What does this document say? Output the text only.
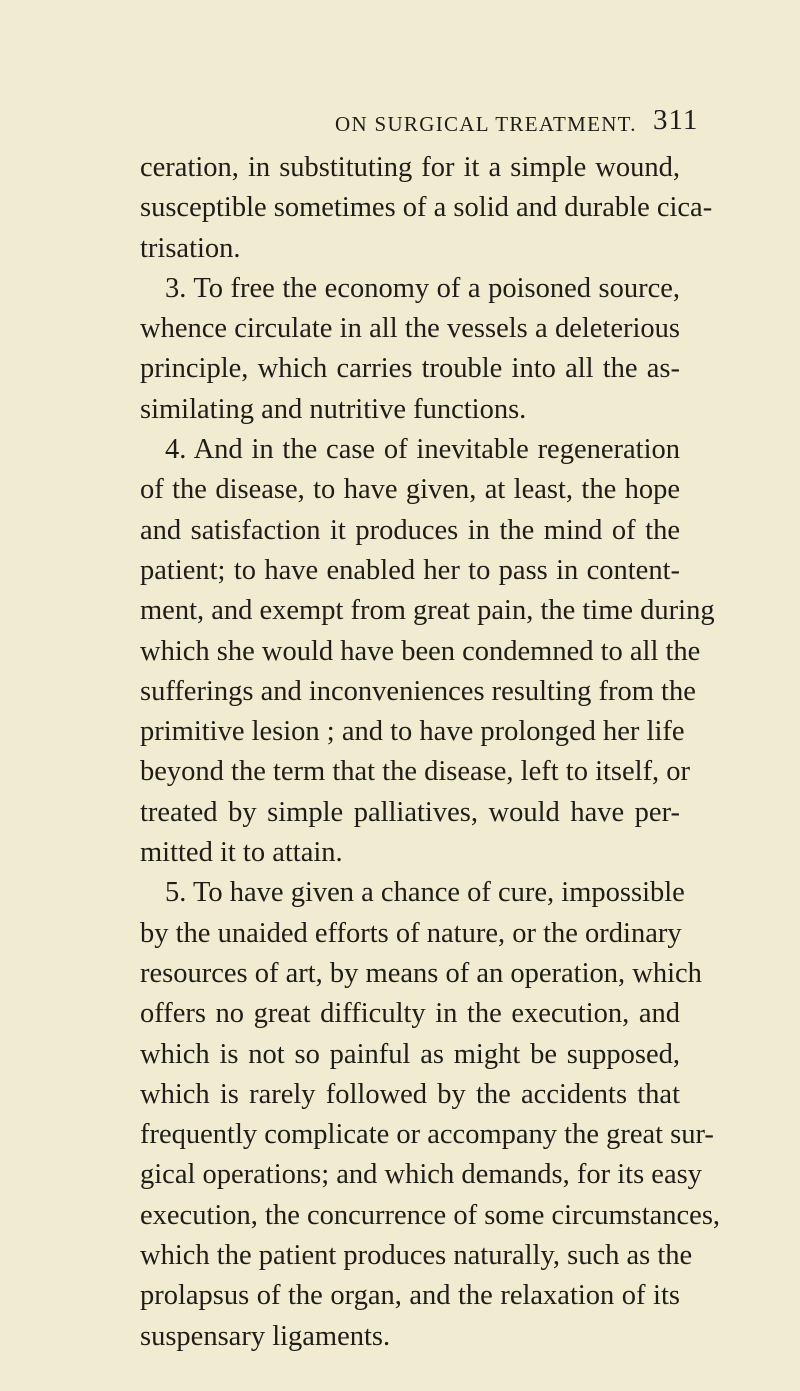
ON SURGICAL TREATMENT. 311
ceration, in substituting for it a simple wound,
susceptible sometimes of a solid and durable cica-
trisation.
3. To free the economy of a poisoned source,
whence circulate in all the vessels a deleterious
principle, which carries trouble into all the as-
similating and nutritive functions.
4. And in the case of inevitable regeneration
of the disease, to have given, at least, the hope
and satisfaction it produces in the mind of the
patient; to have enabled her to pass in content-
ment, and exempt from great pain, the time during
which she would have been condemned to all the
sufferings and inconveniences resulting from the
primitive lesion ; and to have prolonged her life
beyond the term that the disease, left to itself, or
treated by simple palliatives, would have per-
mitted it to attain.
5. To have given a chance of cure, impossible
by the unaided efforts of nature, or the ordinary
resources of art, by means of an operation, which
offers no great difficulty in the execution, and
which is not so painful as might be supposed,
which is rarely followed by the accidents that
frequently complicate or accompany the great sur-
gical operations; and which demands, for its easy
execution, the concurrence of some circumstances,
which the patient produces naturally, such as the
prolapsus of the organ, and the relaxation of its
suspensary ligaments.
